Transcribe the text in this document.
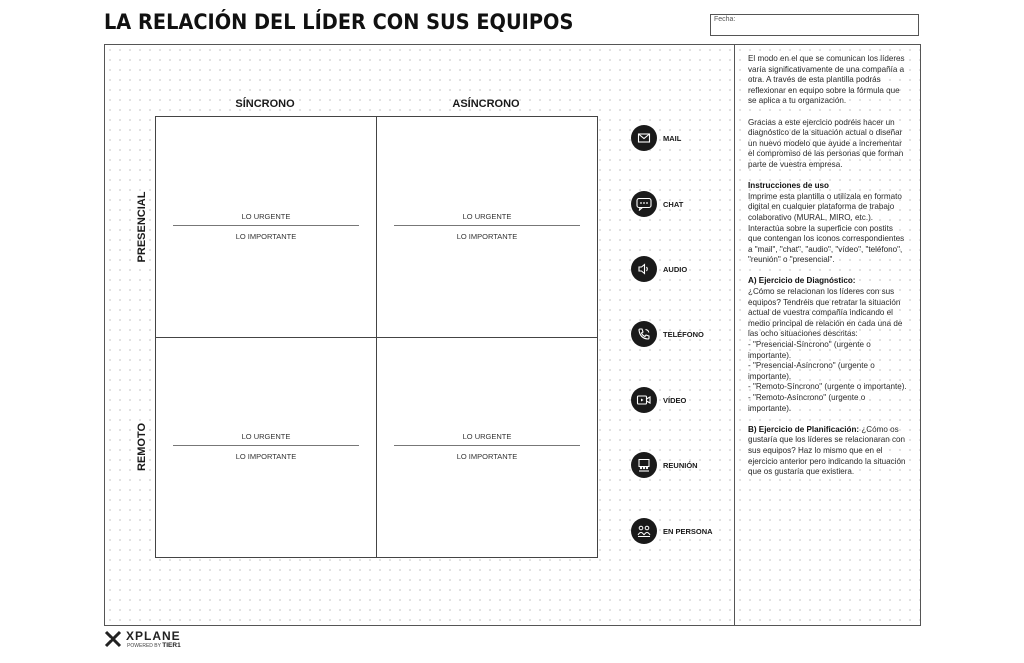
LA RELACIÓN DEL LÍDER CON SUS EQUIPOS	Fecha:
SÍNCRONO	ASÍNCRONO
PRESENCIAL
REMOTO
LO URGENTE
LO IMPORTANTE
LO URGENTE
LO IMPORTANTE
LO URGENTE
LO IMPORTANTE
LO URGENTE
LO IMPORTANTE
MAIL
CHAT
AUDIO
TELÉFONO
VÍDEO
REUNIÓN
EN PERSONA

El modo en el que se comunican los líderes varía significativamente de una compañía a otra. A través de esta plantilla podrás reflexionar en equipo sobre la fórmula que se aplica a tu organización.

Gracias a este ejercicio podréis hacer un diagnóstico de la situación actual o diseñar un nuevo modelo que ayude a incrementar el compromiso de las personas que forman parte de vuestra empresa.

Instrucciones de uso

Imprime esta plantilla o utilízala en formato digital en cualquier plataforma de trabajo colaborativo (MURAL, MIRO, etc.). Interactúa sobre la superficie con postits que contengan los iconos correspondientes a "mail", "chat", "audio", "vídeo", "teléfono", "reunión" o "presencial".

A) Ejercicio de Diagnóstico:

¿Cómo se relacionan los líderes con sus equipos? Tendréis que retratar la situación actual de vuestra compañía indicando el medio principal de relación en cada una de las ocho situaciones descritas:

- "Presencial-Síncrono" (urgente o importante).

- "Presencial-Asíncrono" (urgente o importante).

- "Remoto-Síncrono" (urgente o importante).

- "Remoto-Asíncrono" (urgente o importante).

B) Ejercicio de Planificación: ¿Cómo os gustaría que los líderes se relacionaran con sus equipos? Haz lo mismo que en el ejercicio anterior pero indicando la situación que os gustaría que existiera.

XPLANE
POWERED BY TIER1
